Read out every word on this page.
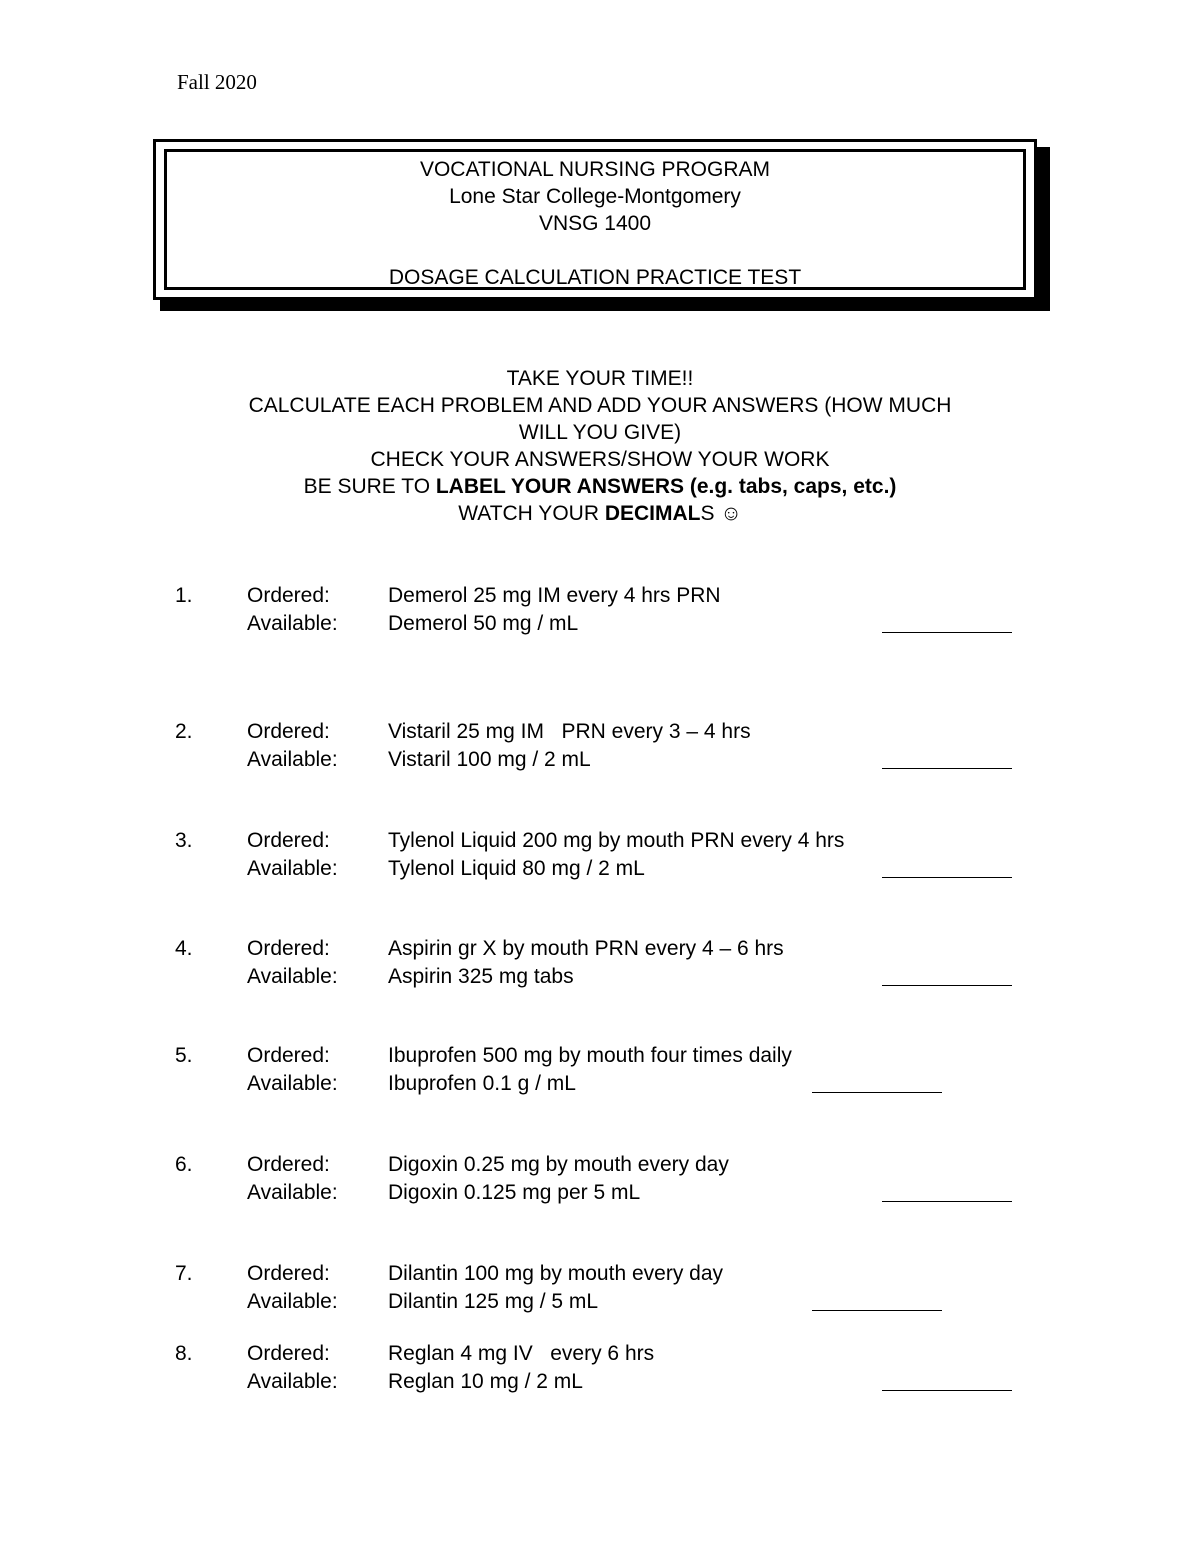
Fall 2020
VOCATIONAL NURSING PROGRAM
Lone Star College-Montgomery
VNSG 1400
DOSAGE CALCULATION PRACTICE TEST
TAKE YOUR TIME!!
CALCULATE EACH PROBLEM AND ADD YOUR ANSWERS (HOW MUCH
WILL YOU GIVE)
CHECK YOUR ANSWERS/SHOW YOUR WORK
BE SURE TO LABEL YOUR ANSWERS (e.g. tabs, caps, etc.)
WATCH YOUR DECIMALS ☺
1.	Ordered:	Demerol 25 mg IM every 4 hrs PRN
Available: Demerol 50 mg / mL
2.	Ordered:	Vistaril 25 mg IM   PRN every 3 – 4 hrs
Available: Vistaril 100 mg / 2 mL
3.	Ordered:	Tylenol Liquid 200 mg by mouth PRN every 4 hrs
Available: Tylenol Liquid 80 mg / 2 mL
4.	Ordered:	Aspirin gr X by mouth PRN every 4 – 6 hrs
Available: Aspirin 325 mg tabs
5.	Ordered:	Ibuprofen 500 mg by mouth four times daily
Available: Ibuprofen 0.1 g / mL
6.	Ordered:	Digoxin 0.25 mg by mouth every day
Available: Digoxin 0.125 mg per 5 mL
7.	Ordered:	Dilantin 100 mg by mouth every day
Available: Dilantin 125 mg / 5 mL
8.	Ordered:	Reglan 4 mg IV   every 6 hrs
Available: Reglan 10 mg / 2 mL
